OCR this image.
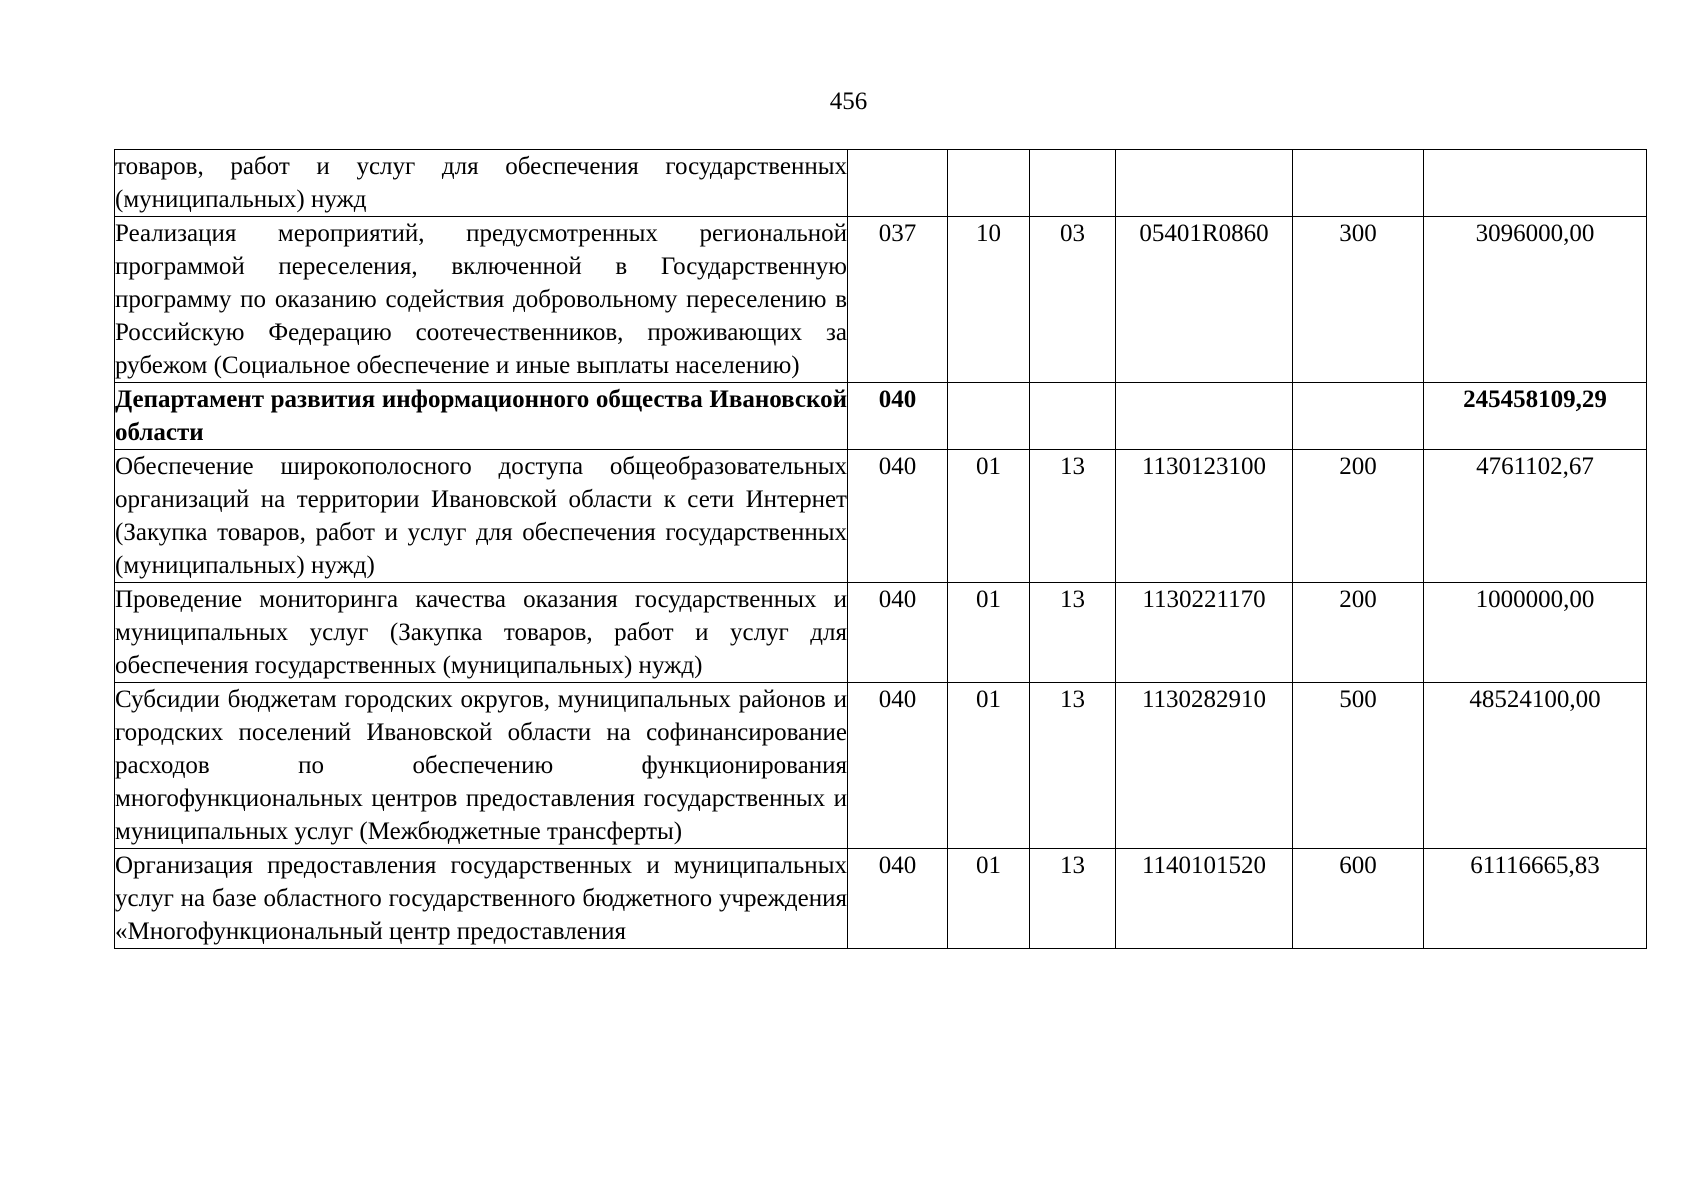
456
товаров, работ и услуг для обеспечения государственных (муниципальных) нужд						
Реализация мероприятий, предусмотренных региональной программой переселения, включенной в Государственную программу по оказанию содействия добровольному переселению в Российскую Федерацию соотечественников, проживающих за рубежом (Социальное обеспечение и иные выплаты населению)	037	10	03	05401R0860	300	3096000,00
Департамент развития информационного общества Ивановской области	040					245458109,29
Обеспечение широкополосного доступа общеобразовательных организаций на территории Ивановской области к сети Интернет (Закупка товаров, работ и услуг для обеспечения государственных (муниципальных) нужд)	040	01	13	1130123100	200	4761102,67
Проведение мониторинга качества оказания государственных и муниципальных услуг (Закупка товаров, работ и услуг для обеспечения государственных (муниципальных) нужд)	040	01	13	1130221170	200	1000000,00
Субсидии бюджетам городских округов, муниципальных районов и городских поселений Ивановской области на софинансирование расходов по обеспечению функционирования многофункциональных центров предоставления государственных и муниципальных услуг (Межбюджетные трансферты)	040	01	13	1130282910	500	48524100,00
Организация предоставления государственных и муниципальных услуг на базе областного государственного бюджетного учреждения «Многофункциональный центр предоставления	040	01	13	1140101520	600	61116665,83
